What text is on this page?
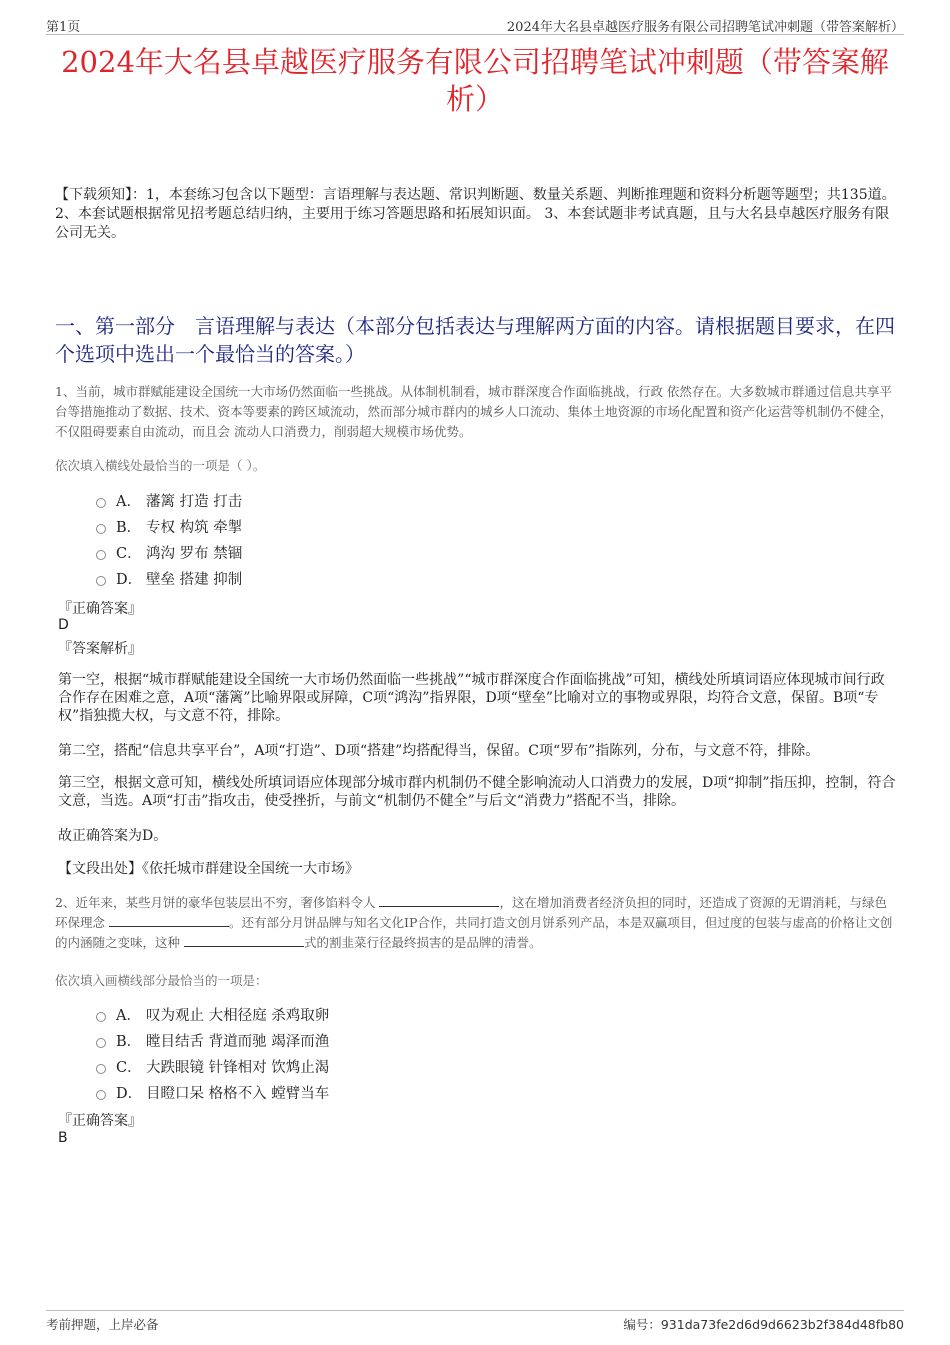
第1页	2024年大名县卓越医疗服务有限公司招聘笔试冲刺题（带答案解析）
2024年大名县卓越医疗服务有限公司招聘笔试冲刺题（带答案解析）
【下载须知】：1，本套练习包含以下题型：言语理解与表达题、常识判断题、数量关系题、判断推理题和资料分析题等题型；共135道。 2、本套试题根据常见招考题总结归纳，主要用于练习答题思路和拓展知识面。 3、本套试题非考试真题，且与大名县卓越医疗服务有限公司无关。
一、第一部分　言语理解与表达（本部分包括表达与理解两方面的内容。请根据题目要求，在四个选项中选出一个最恰当的答案。）
1、当前，城市群赋能建设全国统一大市场仍然面临一些挑战。从体制机制看，城市群深度合作面临挑战，行政 依然存在。大多数城市群通过信息共享平台等措施推动了数据、技术、资本等要素的跨区域流动，然而部分城市群内的城乡人口流动、集体土地资源的市场化配置和资产化运营等机制仍不健全，不仅阻碍要素自由流动，而且会 流动人口消费力，削弱超大规模市场优势。
依次填入横线处最恰当的一项是（ ）。
A． 藩篱 打造 打击
B． 专权 构筑 牵掣
C． 鸿沟 罗布 禁锢
D． 壁垒 搭建 抑制
『正确答案』
D
『答案解析』
第一空，根据“城市群赋能建设全国统一大市场仍然面临一些挑战”“城市群深度合作面临挑战”可知，横线处所填词语应体现城市间行政合作存在困难之意，A项“藩篱”比喻界限或屏障，C项“鸿沟”指界限，D项“壁垒”比喻对立的事物或界限，均符合文意，保留。B项“专权”指独揽大权，与文意不符，排除。
第二空，搭配“信息共享平台”，A项“打造”、D项“搭建”均搭配得当，保留。C项“罗布”指陈列，分布，与文意不符，排除。
第三空，根据文意可知，横线处所填词语应体现部分城市群内机制仍不健全影响流动人口消费力的发展，D项“抑制”指压抑，控制，符合文意，当选。A项“打击”指攻击，使受挫折，与前文“机制仍不健全”与后文“消费力”搭配不当，排除。
故正确答案为D。
【文段出处】《依托城市群建设全国统一大市场》
2、近年来，某些月饼的豪华包装层出不穷，奢侈馅料令人	，这在增加消费者经济负担的同时，还造成了资源的无谓消耗，与绿色环保理念	。还有部分月饼品牌与知名文化IP合作，共同打造文创月饼系列产品，本是双赢项目，但过度的包装与虚高的价格让文创的内涵随之变味，这种	式的割韭菜行径最终损害的是品牌的清誉。
依次填入画横线部分最恰当的一项是：
A． 叹为观止 大相径庭 杀鸡取卵
B． 瞠目结舌 背道而驰 竭泽而渔
C． 大跌眼镜 针锋相对 饮鸩止渴
D． 目瞪口呆 格格不入 螳臂当车
『正确答案』
B
考前押题，上岸必备	编号：931da73fe2d6d9d6623b2f384d48fb80
